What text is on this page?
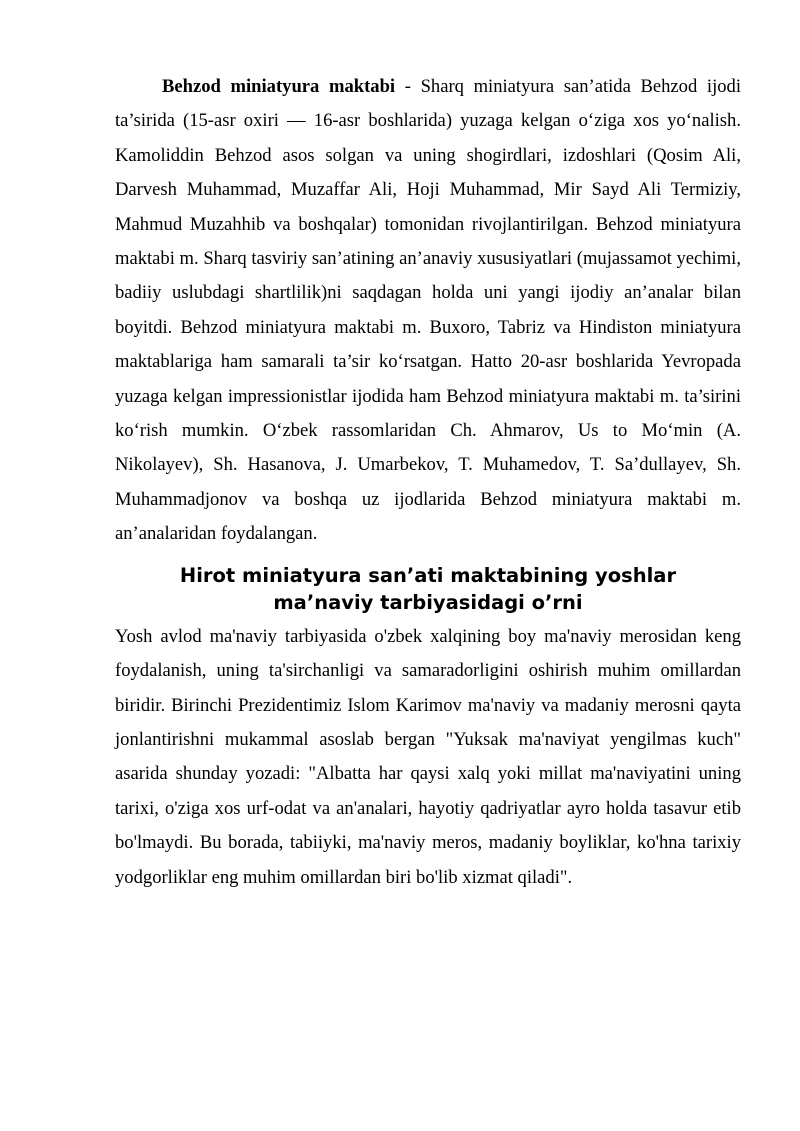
Behzod miniatyura maktabi - Sharq miniatyura san’atida Behzod ijodi ta’sirida (15-asr oxiri — 16-asr boshlarida) yuzaga kelgan o‘ziga xos yo‘nalish. Kamoliddin Behzod asos solgan va uning shogirdlari, izdoshlari (Qosim Ali, Darvesh Muhammad, Muzaffar Ali, Hoji Muhammad, Mir Sayd Ali Termiziy, Mahmud Muzahhib va boshqalar) tomonidan rivojlantirilgan. Behzod miniatyura maktabi m. Sharq tasviriy san’atining an’anaviy xususiyatlari (mujassamot yechimi, badiiy uslubdagi shartlilik)ni saqdagan holda uni yangi ijodiy an’analar bilan boyitdi. Behzod miniatyura maktabi m. Buxoro, Tabriz va Hindiston miniatyura maktablariga ham samarali ta’sir ko‘rsatgan. Hatto 20-asr boshlarida Yevropada yuzaga kelgan impressionistlar ijodida ham Behzod miniatyura maktabi m. ta’sirini ko‘rish mumkin. O‘zbek rassomlaridan Ch. Ahmarov, Us to Mo‘min (A. Nikolayev), Sh. Hasanova, J. Umarbekov, T. Muhamedov, T. Sa’dullayev, Sh. Muhammadjonov va boshqa uz ijodlarida Behzod miniatyura maktabi m. an’analaridan foydalangan.

Hirot miniatyura san’ati maktabining yoshlar
ma’naviy tarbiyasidagi o’rni

Yosh avlod ma'naviy tarbiyasida o'zbek xalqining boy ma'naviy merosidan keng foydalanish, uning ta'sirchanligi va samaradorligini oshirish muhim omillardan biridir. Birinchi Prezidentimiz Islom Karimov ma'naviy va madaniy merosni qayta jonlantirishni mukammal asoslab bergan "Yuksak ma'naviyat yengilmas kuch" asarida shunday yozadi: "Albatta har qaysi xalq yoki millat ma'naviyatini uning tarixi, o'ziga xos urf-odat va an'analari, hayotiy qadriyatlar ayro holda tasavur etib bo'lmaydi. Bu borada, tabiiyki, ma'naviy meros, madaniy boyliklar, ko'hna tarixiy yodgorliklar eng muhim omillardan biri bo'lib xizmat qiladi".
